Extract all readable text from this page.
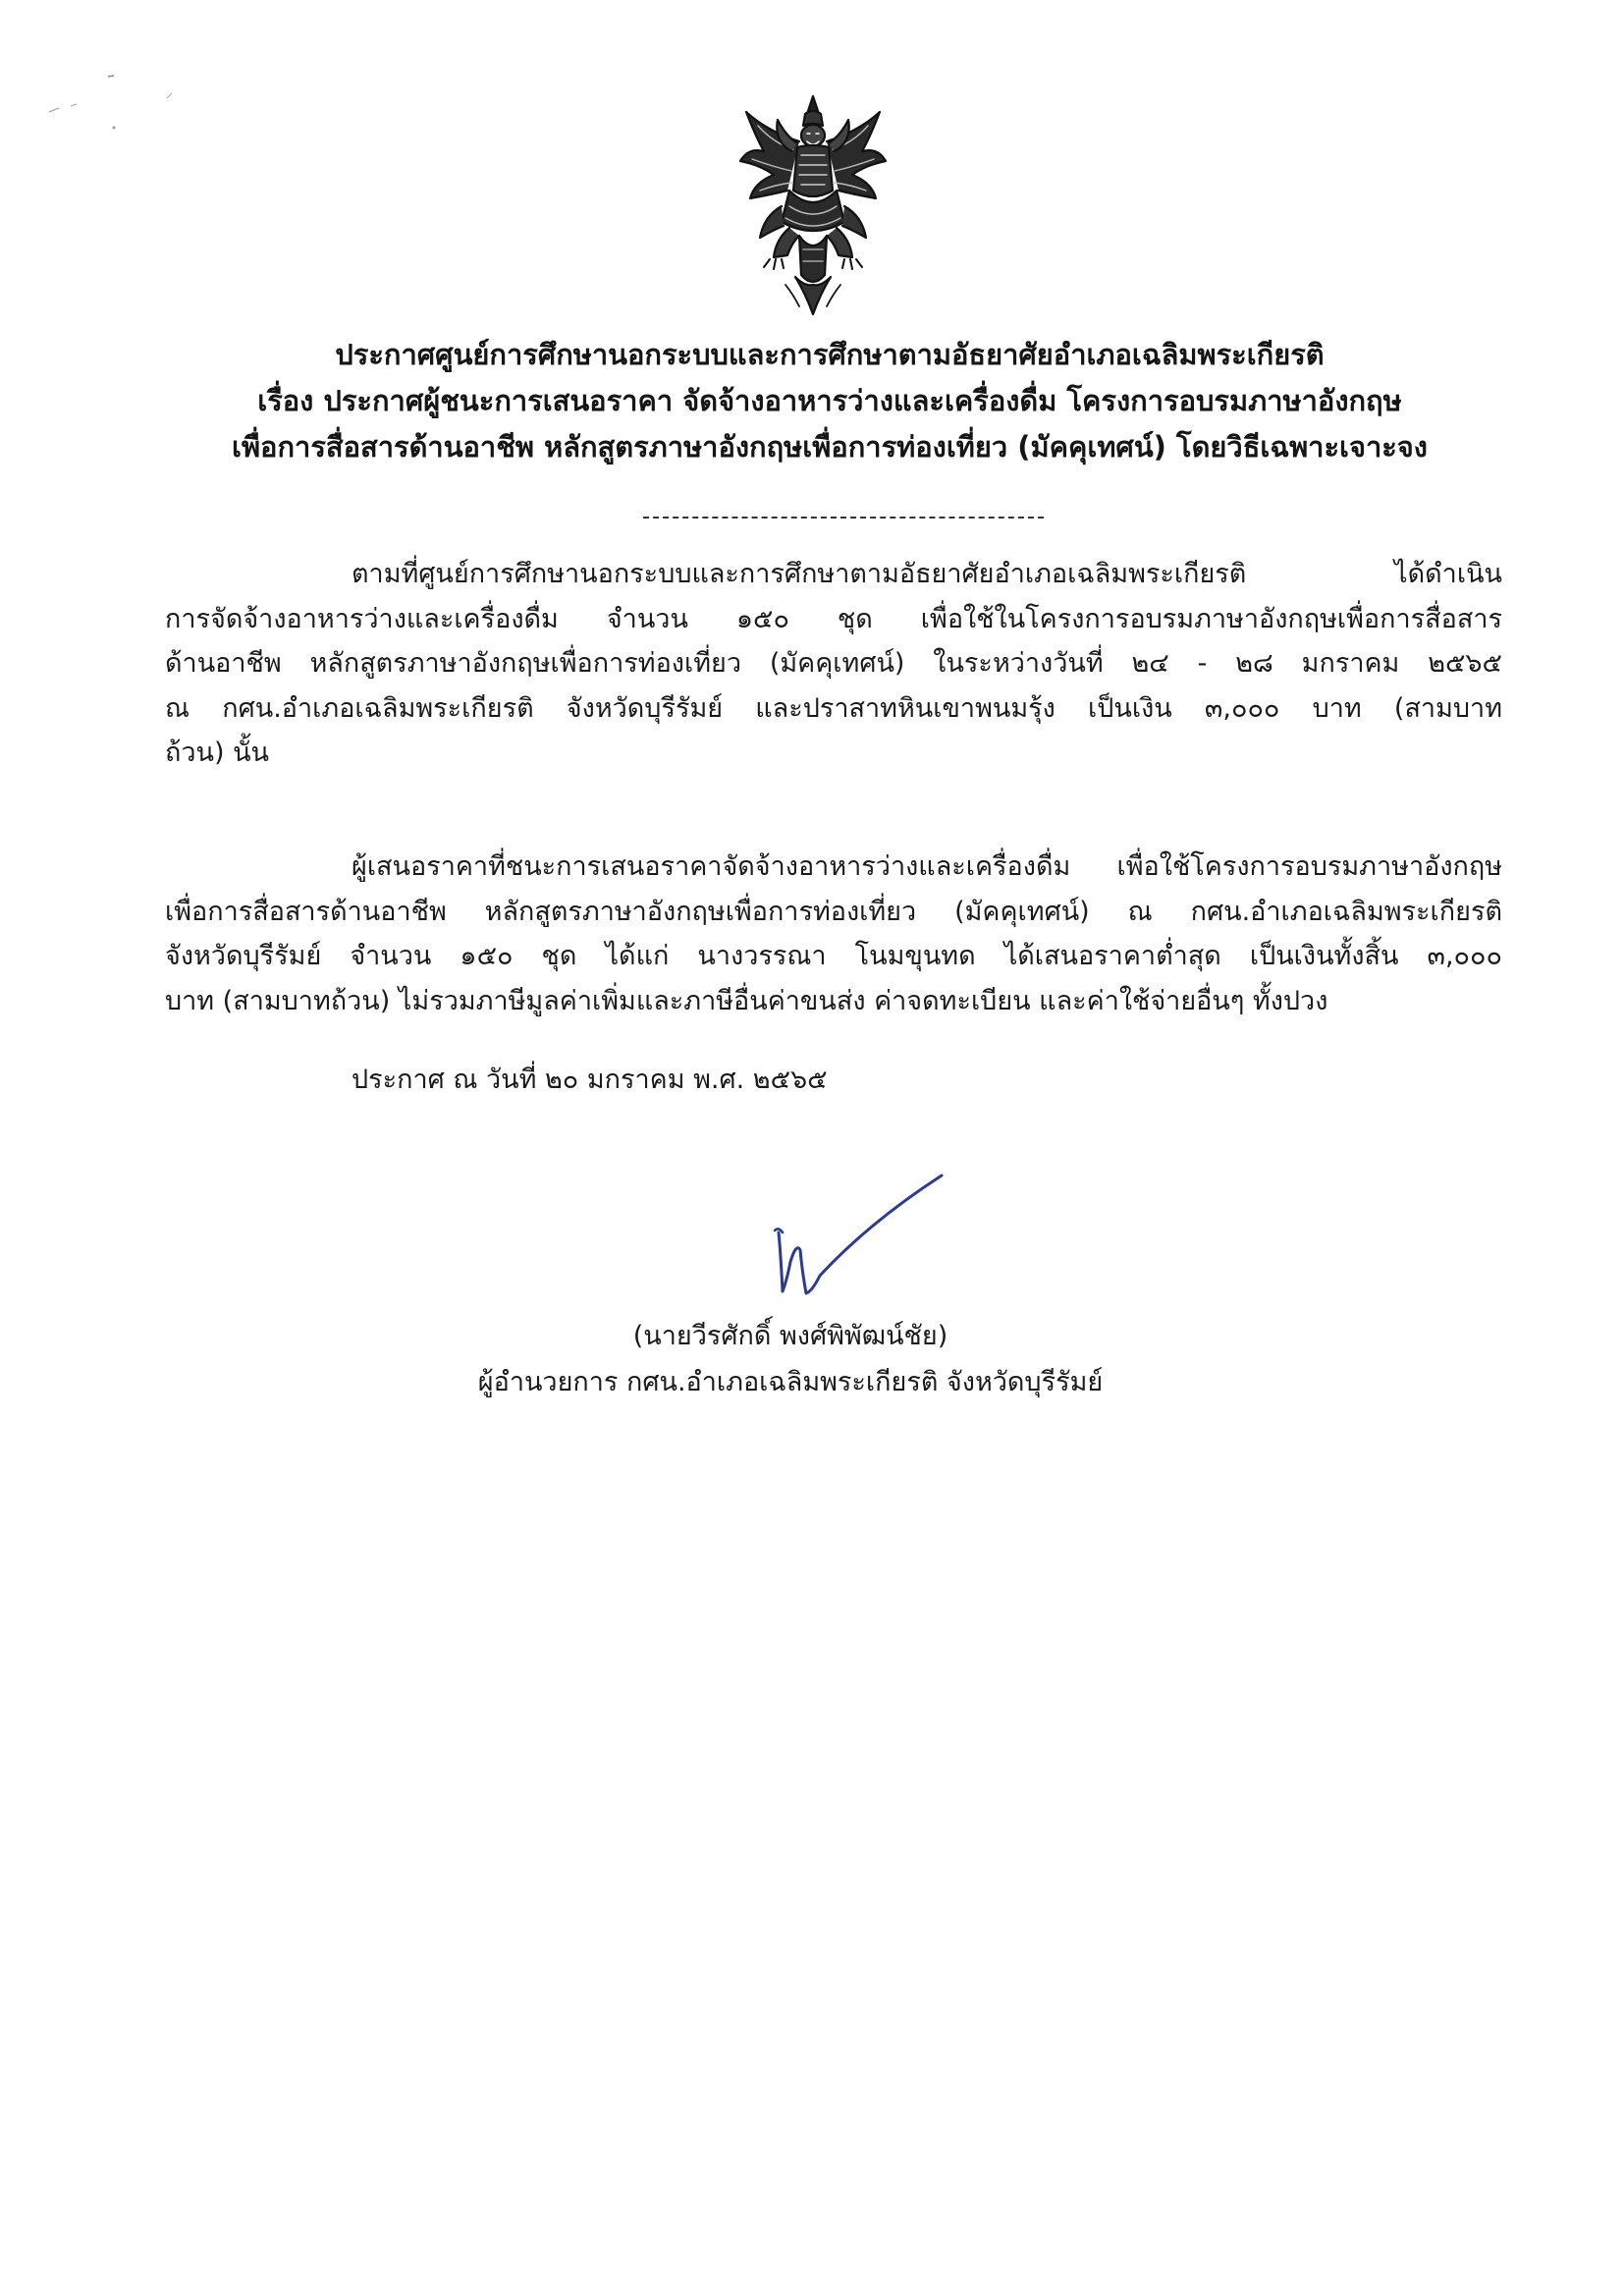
ประกาศศูนย์การศึกษานอกระบบและการศึกษาตามอัธยาศัยอำเภอเฉลิมพระเกียรติ
เรื่อง ประกาศผู้ชนะการเสนอราคา จัดจ้างอาหารว่างและเครื่องดื่ม โครงการอบรมภาษาอังกฤษ
เพื่อการสื่อสารด้านอาชีพ หลักสูตรภาษาอังกฤษเพื่อการท่องเที่ยว (มัคคุเทศน์) โดยวิธีเฉพาะเจาะจง
ตามที่ศูนย์การศึกษานอกระบบและการศึกษาตามอัธยาศัยอำเภอเฉลิมพระเกียรติ ได้ดำเนิน
การจัดจ้างอาหารว่างและเครื่องดื่ม จำนวน ๑๕๐ ชุด เพื่อใช้ในโครงการอบรมภาษาอังกฤษเพื่อการสื่อสาร
ด้านอาชีพ หลักสูตรภาษาอังกฤษเพื่อการท่องเที่ยว (มัคคุเทศน์) ในระหว่างวันที่ ๒๔ - ๒๘ มกราคม ๒๕๖๕
ณ กศน.อำเภอเฉลิมพระเกียรติ จังหวัดบุรีรัมย์ และปราสาทหินเขาพนมรุ้ง เป็นเงิน ๓,๐๐๐ บาท (สามบาท
ถ้วน) นั้น
ผู้เสนอราคาที่ชนะการเสนอราคาจัดจ้างอาหารว่างและเครื่องดื่ม เพื่อใช้โครงการอบรมภาษาอังกฤษ
เพื่อการสื่อสารด้านอาชีพ หลักสูตรภาษาอังกฤษเพื่อการท่องเที่ยว (มัคคุเทศน์) ณ กศน.อำเภอเฉลิมพระเกียรติ
จังหวัดบุรีรัมย์ จำนวน ๑๕๐ ชุด ได้แก่ นางวรรณา โนมขุนทด ได้เสนอราคาต่ำสุด เป็นเงินทั้งสิ้น ๓,๐๐๐
บาท (สามบาทถ้วน) ไม่รวมภาษีมูลค่าเพิ่มและภาษีอื่นค่าขนส่ง ค่าจดทะเบียน และค่าใช้จ่ายอื่นๆ ทั้งปวง
ประกาศ ณ วันที่ ๒๐ มกราคม พ.ศ. ๒๕๖๕
(นายวีรศักดิ์ พงศ์พิพัฒน์ชัย)
ผู้อำนวยการ กศน.อำเภอเฉลิมพระเกียรติ จังหวัดบุรีรัมย์
